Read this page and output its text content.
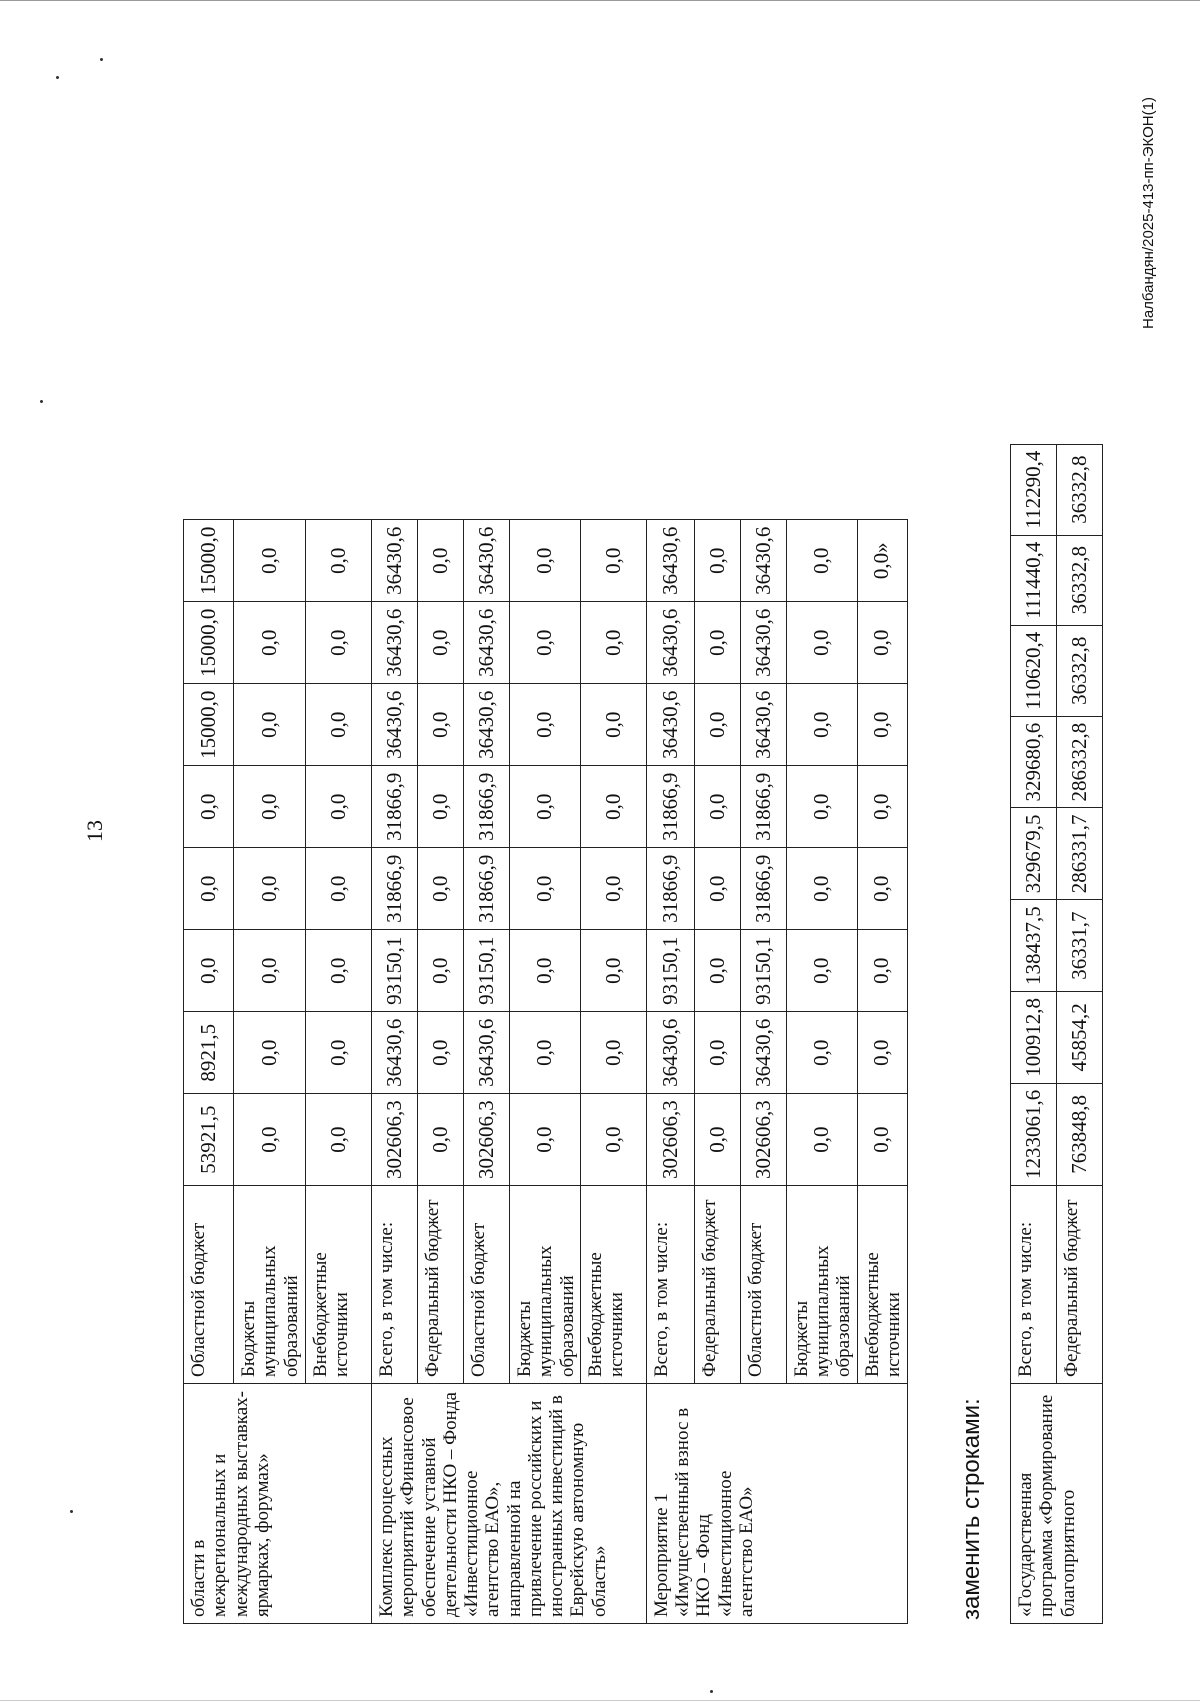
13
области в межрегиональных и международных выставках-ярмарках, форумах»	Областной бюджет	53921,5	8921,5	0,0	0,0	0,0	15000,0	15000,0	15000,0
	Бюджеты муниципальных образований	0,0	0,0	0,0	0,0	0,0	0,0	0,0	0,0
	Внебюджетные источники	0,0	0,0	0,0	0,0	0,0	0,0	0,0	0,0
Комплекс процессных мероприятий «Финансовое обеспечение уставной деятельности НКО – Фонда «Инвестиционное агентство ЕАО», направленной на привлечение российских и иностранных инвестиций в Еврейскую автономную область»	Всего, в том числе:	302606,3	36430,6	93150,1	31866,9	31866,9	36430,6	36430,6	36430,6
	Федеральный бюджет	0,0	0,0	0,0	0,0	0,0	0,0	0,0	0,0
	Областной бюджет	302606,3	36430,6	93150,1	31866,9	31866,9	36430,6	36430,6	36430,6
	Бюджеты муниципальных образований	0,0	0,0	0,0	0,0	0,0	0,0	0,0	0,0
	Внебюджетные источники	0,0	0,0	0,0	0,0	0,0	0,0	0,0	0,0
Мероприятие 1 «Имущественный взнос в НКО – Фонд «Инвестиционное агентство ЕАО»	Всего, в том числе:	302606,3	36430,6	93150,1	31866,9	31866,9	36430,6	36430,6	36430,6
	Федеральный бюджет	0,0	0,0	0,0	0,0	0,0	0,0	0,0	0,0
	Областной бюджет	302606,3	36430,6	93150,1	31866,9	31866,9	36430,6	36430,6	36430,6
	Бюджеты муниципальных образований	0,0	0,0	0,0	0,0	0,0	0,0	0,0	0,0
	Внебюджетные источники	0,0	0,0	0,0	0,0	0,0	0,0	0,0	0,0»
заменить строками: «Государственная программа «Формирование благоприятного	Всего, в том числе:	1233061,6	100912,8	138437,5	329679,5	329680,6	110620,4	111440,4	112290,4
	Федеральный бюджет	763848,8	45854,2	36331,7	286331,7	286332,8	36332,8	36332,8	36332,8
Налбандян/2025-413-пп-ЭКОН(1)
